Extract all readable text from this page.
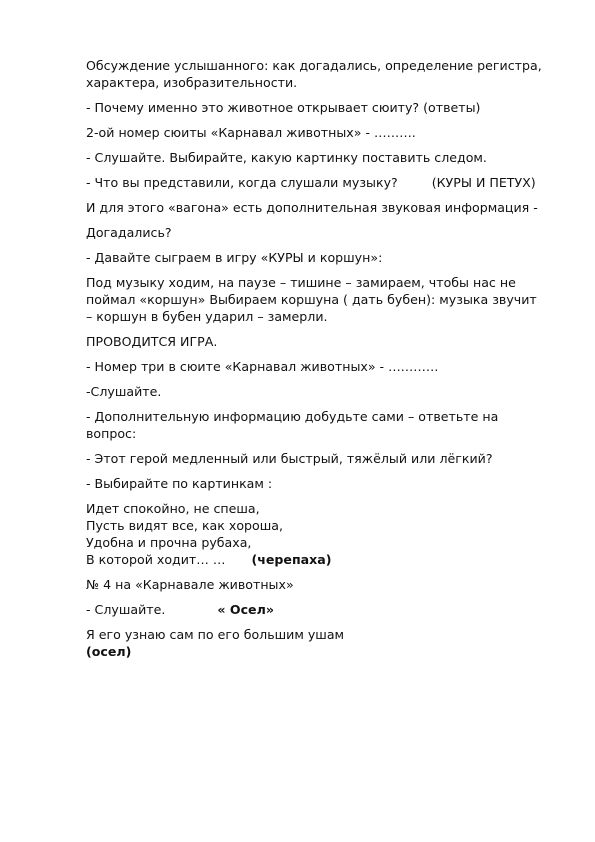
Обсуждение услышанного: как догадались, определение регистра, характера, изобразительности.

- Почему именно это животное открывает сюиту? (ответы)

2-ой номер сюиты «Карнавал животных» - ……….

- Слушайте. Выбирайте, какую картинку поставить следом.

- Что вы представили, когда слушали музыку?	(КУРЫ И ПЕТУХ)

И для этого «вагона» есть дополнительная звуковая информация -

Догадались?

- Давайте сыграем в игру «КУРЫ и коршун»:

Под музыку ходим, на паузе – тишине – замираем, чтобы нас не поймал «коршун» Выбираем коршуна ( дать бубен): музыка звучит – коршун в бубен ударил – замерли.

ПРОВОДИТСЯ ИГРА.

- Номер три в сюите «Карнавал животных» - …………

-Слушайте.

- Дополнительную информацию добудьте сами – ответьте на вопрос:

- Этот герой медленный или быстрый, тяжёлый или лёгкий?

- Выбирайте по картинкам :

Идет спокойно, не спеша,
Пусть видят все, как хороша,
Удобна и прочна рубаха,
В которой ходит… … (черепаха)

№ 4 на «Карнавале животных»

- Слушайте.	« Осел»

Я его узнаю сам по его большим ушам
(осел)
